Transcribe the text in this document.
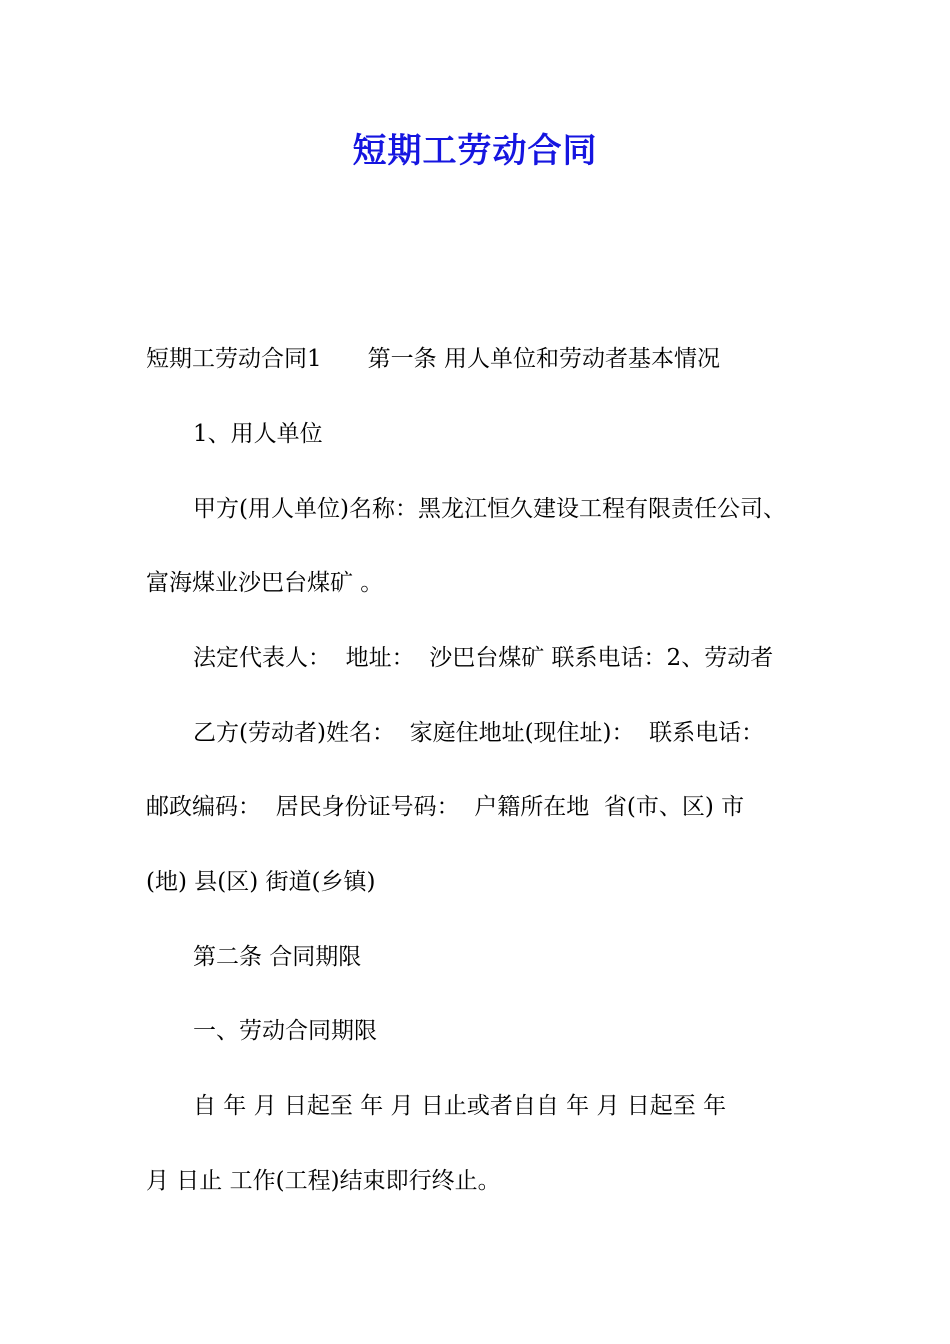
短期工劳动合同
短期工劳动合同1　　第一条 用人单位和劳动者基本情况
1、用人单位
甲方(用人单位)名称：黑龙江恒久建设工程有限责任公司、
富海煤业沙巴台煤矿 。
法定代表人：  地址：  沙巴台煤矿 联系电话：2、劳动者
乙方(劳动者)姓名：  家庭住地址(现住址)：  联系电话：
邮政编码：  居民身份证号码：  户籍所在地  省(市、区) 市
(地) 县(区) 街道(乡镇)
第二条 合同期限
一、劳动合同期限
自 年 月 日起至 年 月 日止或者自自 年 月 日起至 年
月 日止 工作(工程)结束即行终止。
